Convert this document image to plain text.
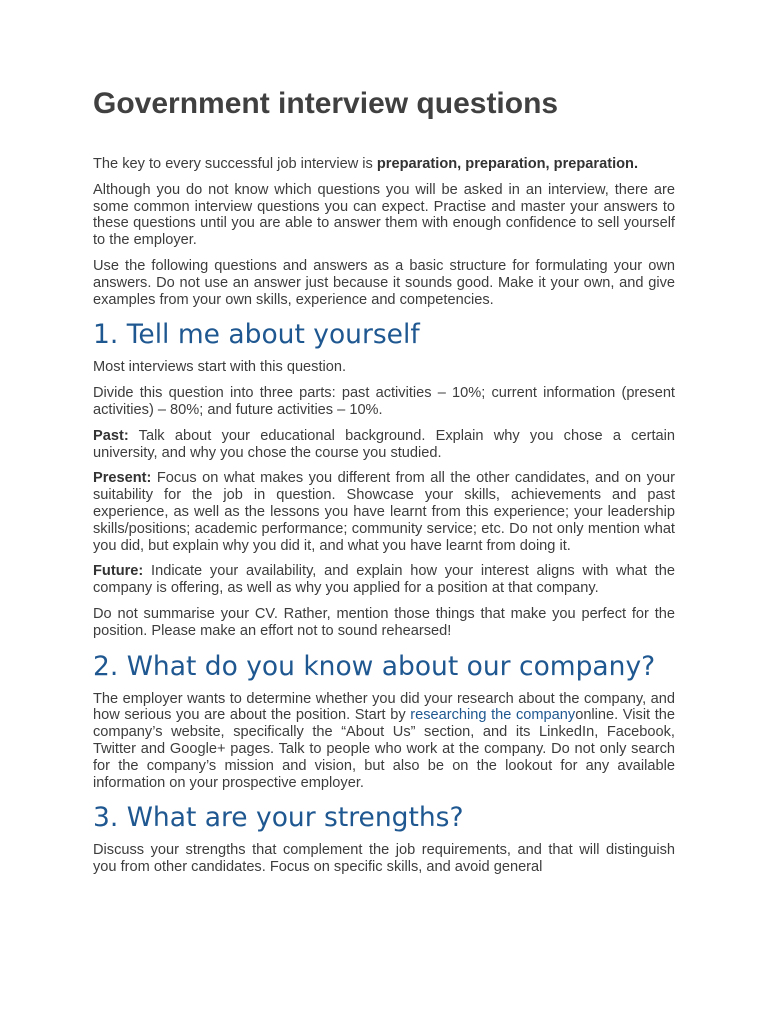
Government interview questions

The key to every successful job interview is preparation, preparation, preparation.

Although you do not know which questions you will be asked in an interview, there are some common interview questions you can expect. Practise and master your answers to these questions until you are able to answer them with enough confidence to sell yourself to the employer.

Use the following questions and answers as a basic structure for formulating your own answers. Do not use an answer just because it sounds good. Make it your own, and give examples from your own skills, experience and competencies.

1. Tell me about yourself

Most interviews start with this question.

Divide this question into three parts: past activities – 10%; current information (present activities) – 80%; and future activities – 10%.

Past: Talk about your educational background. Explain why you chose a certain university, and why you chose the course you studied.

Present: Focus on what makes you different from all the other candidates, and on your suitability for the job in question. Showcase your skills, achievements and past experience, as well as the lessons you have learnt from this experience; your leadership skills/positions; academic performance; community service; etc. Do not only mention what you did, but explain why you did it, and what you have learnt from doing it.

Future: Indicate your availability, and explain how your interest aligns with what the company is offering, as well as why you applied for a position at that company.

Do not summarise your CV. Rather, mention those things that make you perfect for the position. Please make an effort not to sound rehearsed!

2. What do you know about our company?

The employer wants to determine whether you did your research about the company, and how serious you are about the position. Start by researching the companyonline. Visit the company’s website, specifically the “About Us” section, and its LinkedIn, Facebook, Twitter and Google+ pages. Talk to people who work at the company. Do not only search for the company’s mission and vision, but also be on the lookout for any available information on your prospective employer.

3. What are your strengths?

Discuss your strengths that complement the job requirements, and that will distinguish you from other candidates. Focus on specific skills, and avoid general
